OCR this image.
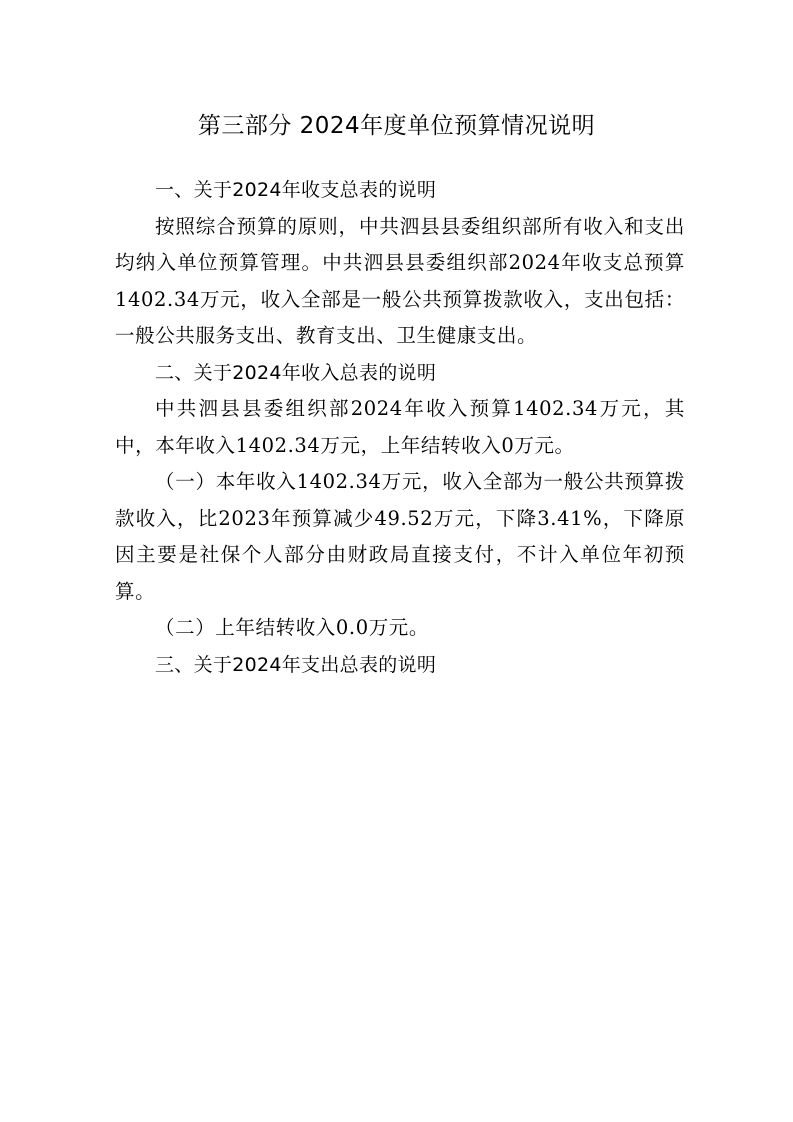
第三部分 2024年度单位预算情况说明

一、关于2024年收支总表的说明

按照综合预算的原则，中共泗县县委组织部所有收入和支出均纳入单位预算管理。中共泗县县委组织部2024年收支总预算1402.34万元，收入全部是一般公共预算拨款收入，支出包括：一般公共服务支出、教育支出、卫生健康支出。

二、关于2024年收入总表的说明

中共泗县县委组织部2024年收入预算1402.34万元，其中，本年收入1402.34万元，上年结转收入0万元。

（一）本年收入1402.34万元，收入全部为一般公共预算拨款收入，比2023年预算减少49.52万元，下降3.41%，下降原因主要是社保个人部分由财政局直接支付，不计入单位年初预算。

（二）上年结转收入0.0万元。

三、关于2024年支出总表的说明
